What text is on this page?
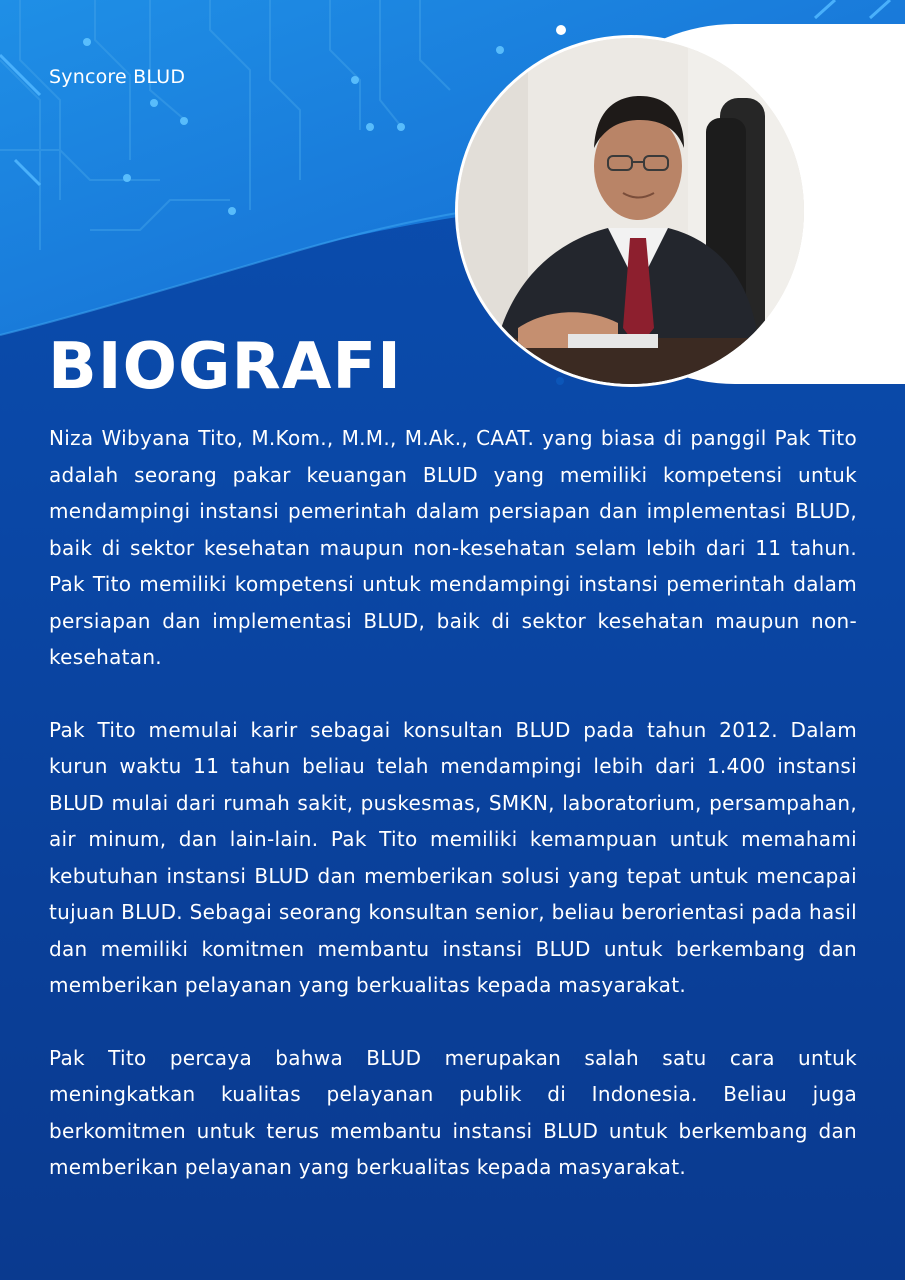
Syncore BLUD
BIOGRAFI

Niza Wibyana Tito, M.Kom., M.M., M.Ak., CAAT. yang biasa di panggil Pak Tito adalah seorang pakar keuangan BLUD yang memiliki kompetensi untuk mendampingi instansi pemerintah dalam persiapan dan implementasi BLUD, baik di sektor kesehatan maupun non-kesehatan selam lebih dari 11 tahun. Pak Tito memiliki kompetensi untuk mendampingi instansi pemerintah dalam persiapan dan implementasi BLUD, baik di sektor kesehatan maupun non-kesehatan.

Pak Tito memulai karir sebagai konsultan BLUD pada tahun 2012. Dalam kurun waktu 11 tahun beliau telah mendampingi lebih dari 1.400 instansi BLUD mulai dari rumah sakit, puskesmas, SMKN, laboratorium, persampahan, air minum, dan lain-lain. Pak Tito memiliki kemampuan untuk memahami kebutuhan instansi BLUD dan memberikan solusi yang tepat untuk mencapai tujuan BLUD. Sebagai seorang konsultan senior, beliau berorientasi pada hasil dan memiliki komitmen membantu instansi BLUD untuk berkembang dan memberikan pelayanan yang berkualitas kepada masyarakat.

Pak Tito percaya bahwa BLUD merupakan salah satu cara untuk meningkatkan kualitas pelayanan publik di Indonesia. Beliau juga berkomitmen untuk terus membantu instansi BLUD untuk berkembang dan memberikan pelayanan yang berkualitas kepada masyarakat.
